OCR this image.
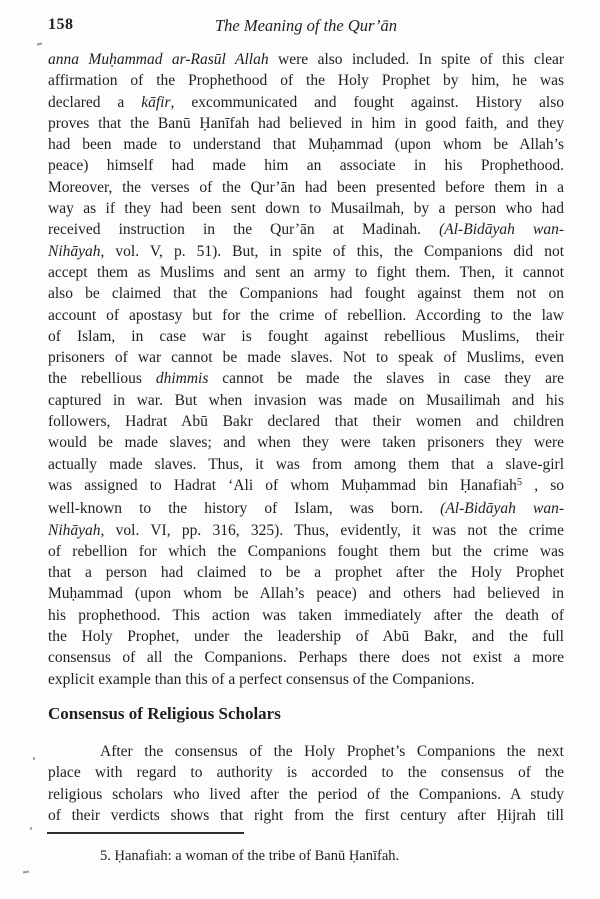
The Meaning of the Qur’ān
158
anna Muḥammad ar-Rasūl Allah were also included. In spite of this clear
affirmation of the Prophethood of the Holy Prophet by him, he was
declared a kāfir, excommunicated and fought against. History also
proves that the Banū Ḥanīfah had believed in him in good faith, and they
had been made to understand that Muḥammad (upon whom be Allah’s
peace) himself had made him an associate in his Prophethood.
Moreover, the verses of the Qur’ān had been presented before them in a
way as if they had been sent down to Musailmah, by a person who had
received instruction in the Qur’ān at Madinah. (Al-Bidāyah wan-
Nihāyah, vol. V, p. 51). But, in spite of this, the Companions did not
accept them as Muslims and sent an army to fight them. Then, it cannot
also be claimed that the Companions had fought against them not on
account of apostasy but for the crime of rebellion. According to the law
of Islam, in case war is fought against rebellious Muslims, their
prisoners of war cannot be made slaves. Not to speak of Muslims, even
the rebellious dhimmis cannot be made the slaves in case they are
captured in war. But when invasion was made on Musailimah and his
followers, Hadrat Abū Bakr declared that their women and children
would be made slaves; and when they were taken prisoners they were
actually made slaves. Thus, it was from among them that a slave-girl
was assigned to Hadrat ‘Ali of whom Muḥammad bin Ḥanafiah$^5$ , so
well-known to the history of Islam, was born. (Al-Bidāyah wan-
Nihāyah, vol. VI, pp. 316, 325). Thus, evidently, it was not the crime
of rebellion for which the Companions fought them but the crime was
that a person had claimed to be a prophet after the Holy Prophet
Muḥammad (upon whom be Allah’s peace) and others had believed in
his prophethood. This action was taken immediately after the death of
the Holy Prophet, under the leadership of Abū Bakr, and the full
consensus of all the Companions. Perhaps there does not exist a more
explicit example than this of a perfect consensus of the Companions.
Consensus of Religious Scholars
After the consensus of the Holy Prophet’s Companions the next
place with regard to authority is accorded to the consensus of the
religious scholars who lived after the period of the Companions. A study
of their verdicts shows that right from the first century after Ḥijrah till
5. Ḥanafiah: a woman of the tribe of Banū Ḥanīfah.
